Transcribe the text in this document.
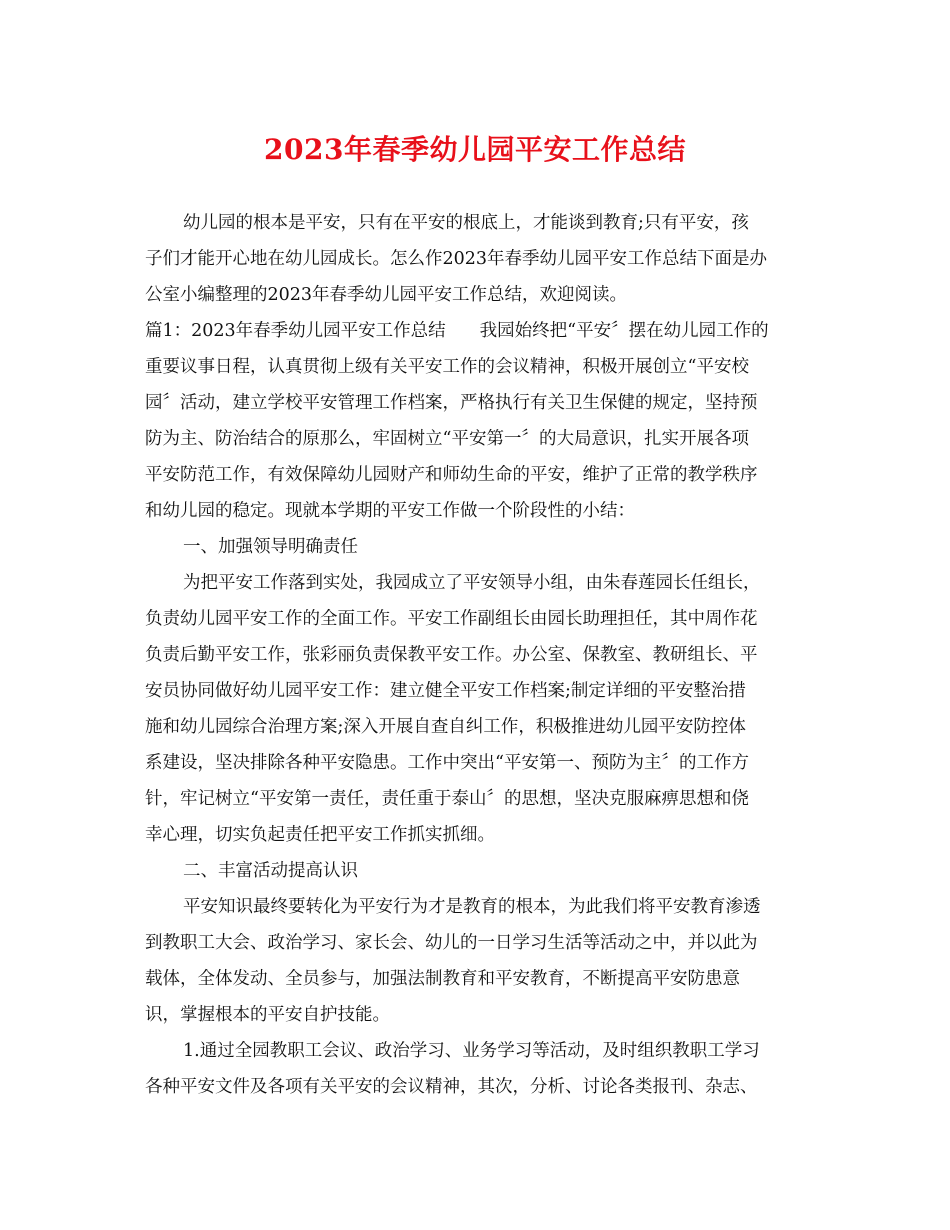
2023年春季幼儿园平安工作总结
幼儿园的根本是平安，只有在平安的根底上，才能谈到教育;只有平安，孩
子们才能开心地在幼儿园成长。怎么作2023年春季幼儿园平安工作总结下面是办
公室小编整理的2023年春季幼儿园平安工作总结，欢迎阅读。
篇1：2023年春季幼儿园平安工作总结 我园始终把“平安〞摆在幼儿园工作的
重要议事日程，认真贯彻上级有关平安工作的会议精神，积极开展创立“平安校
园〞活动，建立学校平安管理工作档案，严格执行有关卫生保健的规定，坚持预
防为主、防治结合的原那么，牢固树立“平安第一〞的大局意识，扎实开展各项
平安防范工作，有效保障幼儿园财产和师幼生命的平安，维护了正常的教学秩序
和幼儿园的稳定。现就本学期的平安工作做一个阶段性的小结：
一、加强领导明确责任
为把平安工作落到实处，我园成立了平安领导小组，由朱春莲园长任组长，
负责幼儿园平安工作的全面工作。平安工作副组长由园长助理担任，其中周作花
负责后勤平安工作，张彩丽负责保教平安工作。办公室、保教室、教研组长、平
安员协同做好幼儿园平安工作：建立健全平安工作档案;制定详细的平安整治措
施和幼儿园综合治理方案;深入开展自查自纠工作，积极推进幼儿园平安防控体
系建设，坚决排除各种平安隐患。工作中突出“平安第一、预防为主〞的工作方
针，牢记树立“平安第一责任，责任重于泰山〞的思想，坚决克服麻痹思想和侥
幸心理，切实负起责任把平安工作抓实抓细。
二、丰富活动提高认识
平安知识最终要转化为平安行为才是教育的根本，为此我们将平安教育渗透
到教职工大会、政治学习、家长会、幼儿的一日学习生活等活动之中，并以此为
载体，全体发动、全员参与，加强法制教育和平安教育，不断提高平安防患意
识，掌握根本的平安自护技能。
1.通过全园教职工会议、政治学习、业务学习等活动，及时组织教职工学习
各种平安文件及各项有关平安的会议精神，其次，分析、讨论各类报刊、杂志、
